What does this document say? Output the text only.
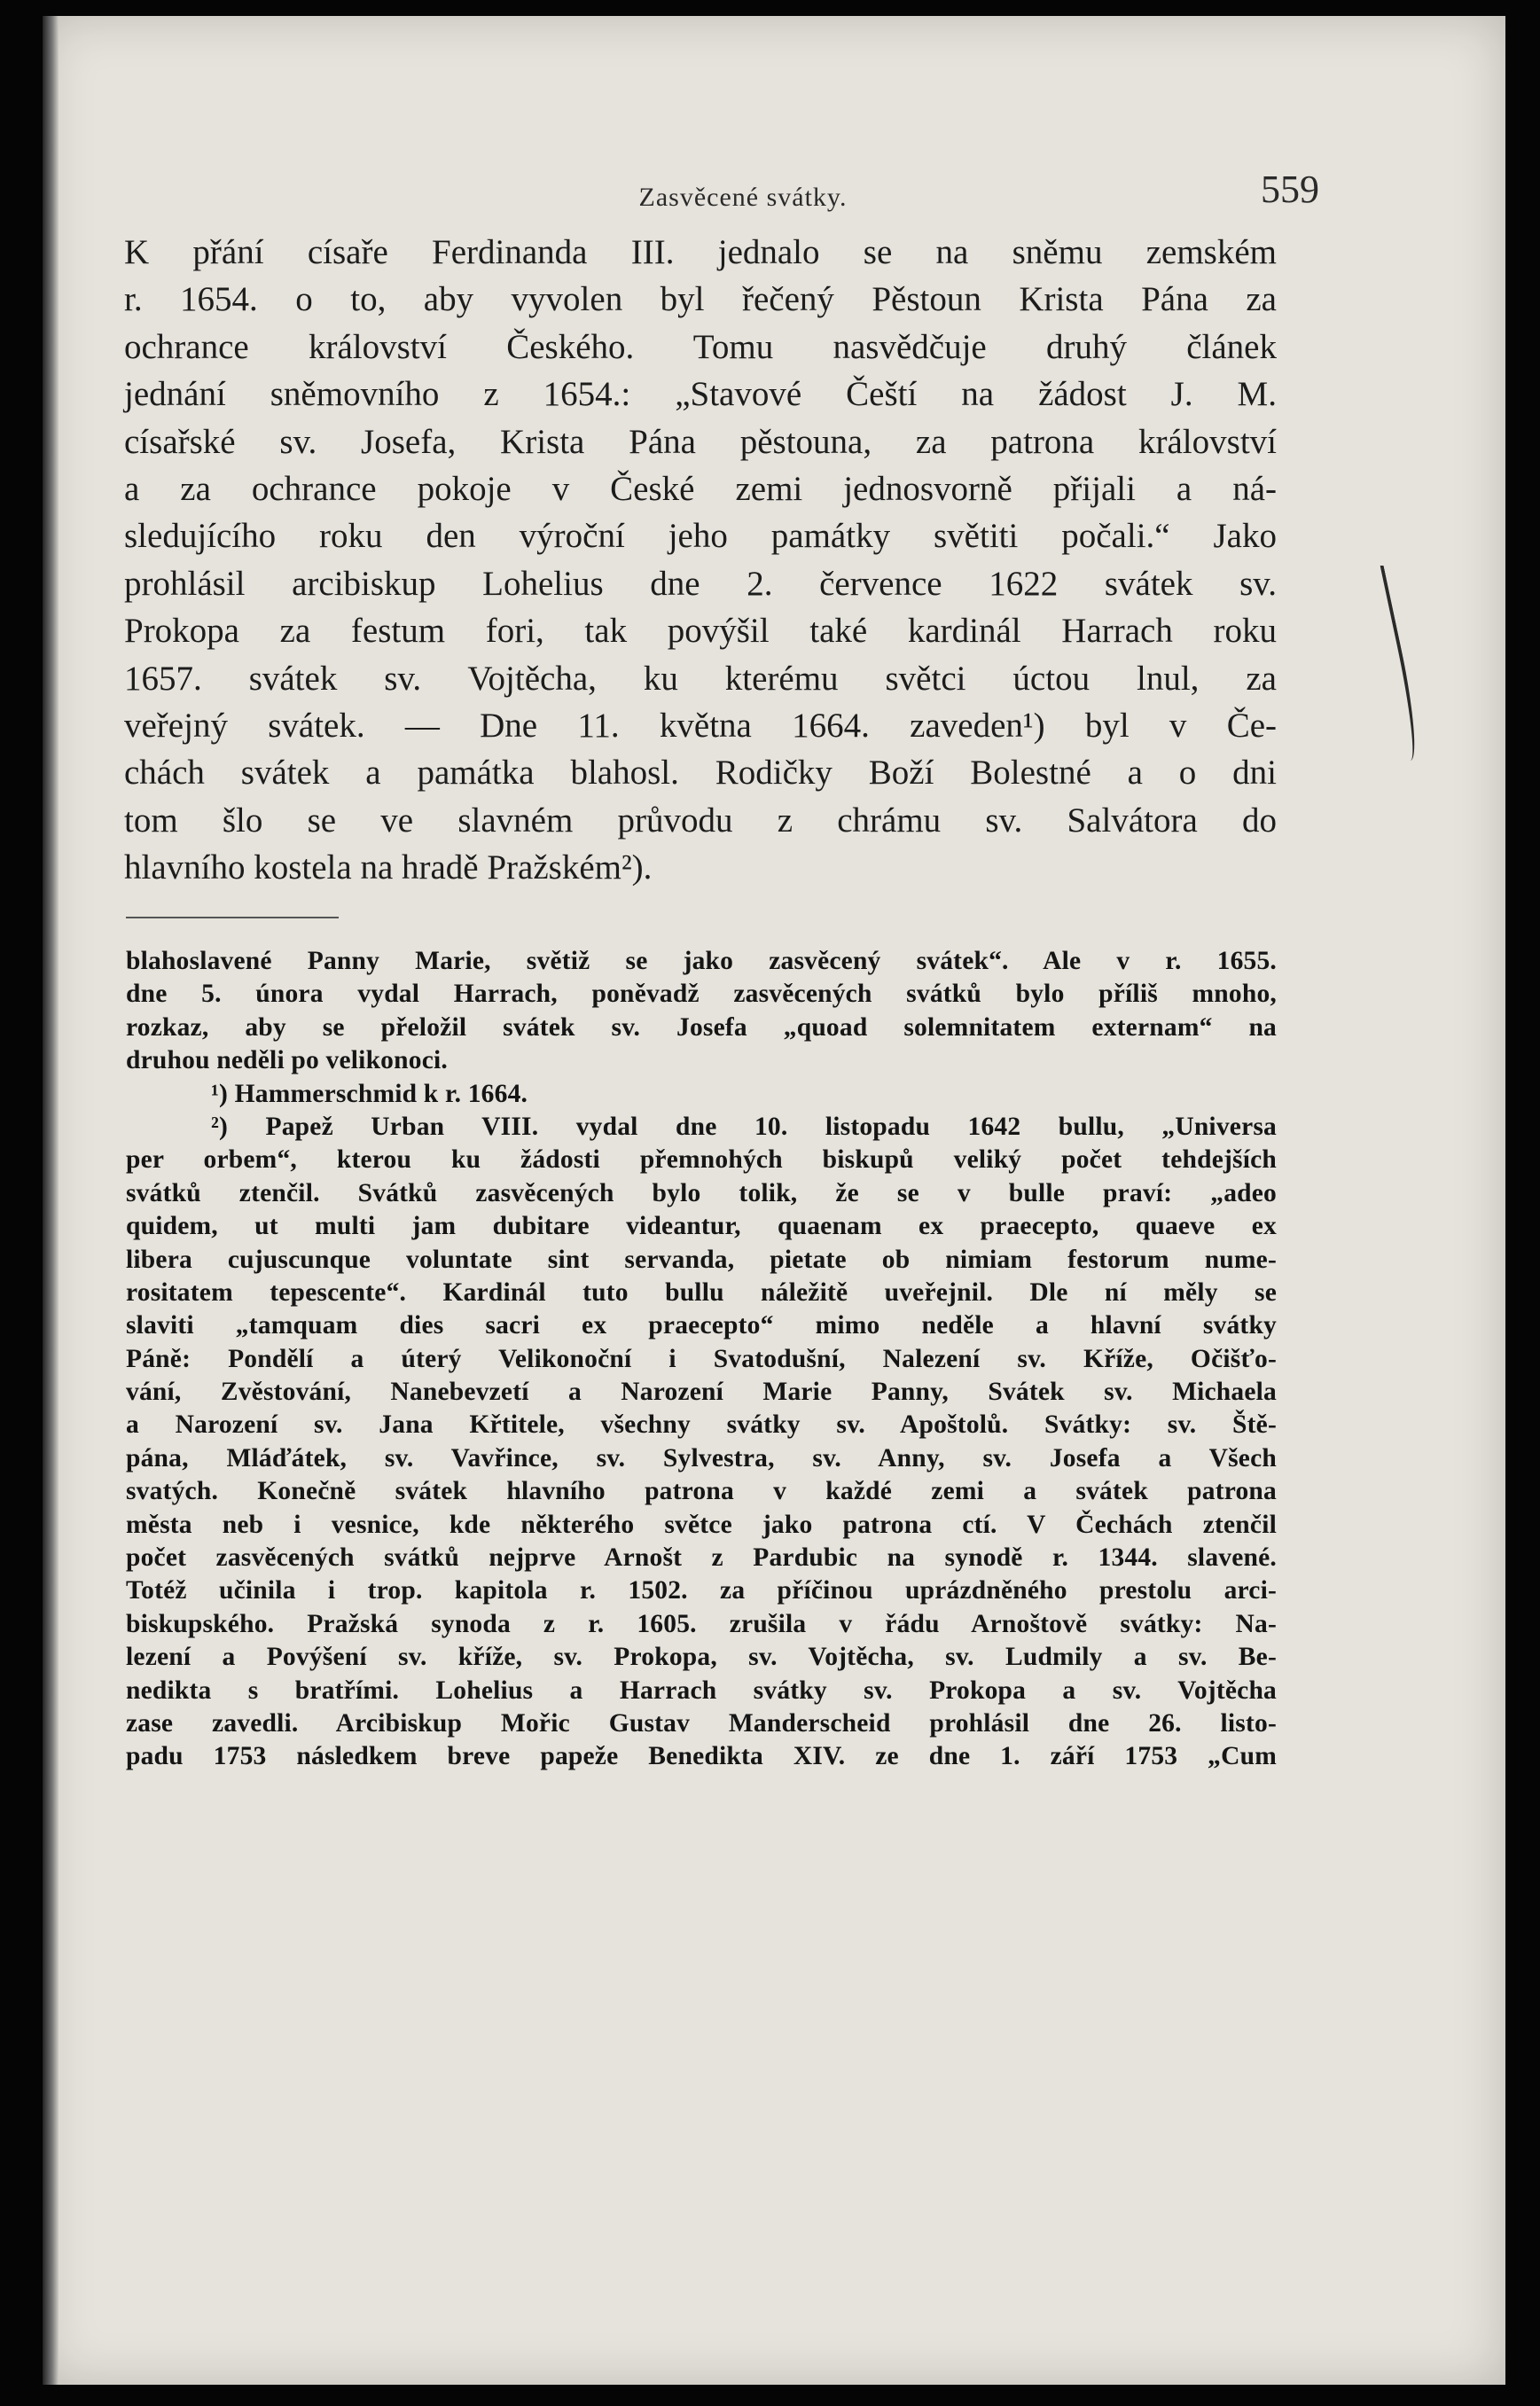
Zasvěcené svátky.	559
K přání císaře Ferdinanda III. jednalo se na sněmu zemském
r. 1654. o to, aby vyvolen byl řečený Pěstoun Krista Pána za
ochrance království Českého. Tomu nasvědčuje druhý článek
jednání sněmovního z 1654.: „Stavové Čeští na žádost J. M.
císařské sv. Josefa, Krista Pána pěstouna, za patrona království
a za ochrance pokoje v České zemi jednosvorně přijali a ná-
sledujícího roku den výroční jeho památky světiti počali.“ Jako
prohlásil arcibiskup Lohelius dne 2. července 1622 svátek sv.
Prokopa za festum fori, tak povýšil také kardinál Harrach roku
1657. svátek sv. Vojtěcha, ku kterému světci úctou lnul, za
veřejný svátek. — Dne 11. května 1664. zaveden¹) byl v Če-
chách svátek a památka blahosl. Rodičky Boží Bolestné a o dni
tom šlo se ve slavném průvodu z chrámu sv. Salvátora do
hlavního kostela na hradě Pražském²).
blahoslavené Panny Marie, světiž se jako zasvěcený svátek“. Ale v r. 1655.
dne 5. února vydal Harrach, poněvadž zasvěcených svátků bylo příliš mnoho,
rozkaz, aby se přeložil svátek sv. Josefa „quoad solemnitatem externam“ na
druhou neděli po velikonoci.
¹) Hammerschmid k r. 1664.
²) Papež Urban VIII. vydal dne 10. listopadu 1642 bullu, „Universa
per orbem“, kterou ku žádosti přemnohých biskupů veliký počet tehdejších
svátků ztenčil. Svátků zasvěcených bylo tolik, že se v bulle praví: „adeo
quidem, ut multi jam dubitare videantur, quaenam ex praecepto, quaeve ex
libera cujuscunque voluntate sint servanda, pietate ob nimiam festorum nume-
rositatem tepescente“. Kardinál tuto bullu náležitě uveřejnil. Dle ní měly se
slaviti „tamquam dies sacri ex praecepto“ mimo neděle a hlavní svátky
Páně: Pondělí a úterý Velikonoční i Svatodušní, Nalezení sv. Kříže, Očišťo-
vání, Zvěstování, Nanebevzetí a Narození Marie Panny, Svátek sv. Michaela
a Narození sv. Jana Křtitele, všechny svátky sv. Apoštolů. Svátky: sv. Ště-
pána, Mláďátek, sv. Vavřince, sv. Sylvestra, sv. Anny, sv. Josefa a Všech
svatých. Konečně svátek hlavního patrona v každé zemi a svátek patrona
města neb i vesnice, kde některého světce jako patrona ctí. V Čechách ztenčil
počet zasvěcených svátků nejprve Arnošt z Pardubic na synodě r. 1344. slavené.
Totéž učinila i trop. kapitola r. 1502. za příčinou uprázdněného prestolu arci-
biskupského. Pražská synoda z r. 1605. zrušila v řádu Arnoštově svátky: Na-
lezení a Povýšení sv. kříže, sv. Prokopa, sv. Vojtěcha, sv. Ludmily a sv. Be-
nedikta s bratřími. Lohelius a Harrach svátky sv. Prokopa a sv. Vojtěcha
zase zavedli. Arcibiskup Mořic Gustav Manderscheid prohlásil dne 26. listo-
padu 1753 následkem breve papeže Benedikta XIV. ze dne 1. září 1753 „Cum
